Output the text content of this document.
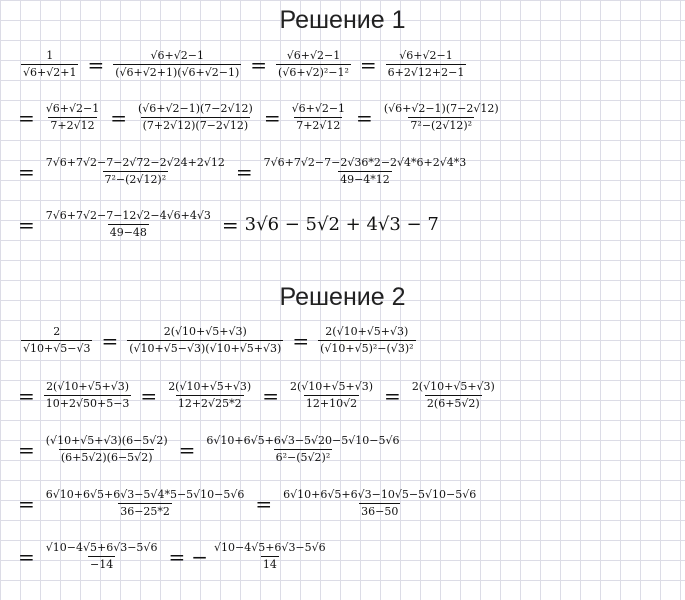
Решение 1
$\frac{1}{√6+√2+1} = \frac{√6+√2-1}{(√6+√2+1)(√6+√2-1)} = \frac{√6+√2-1}{\text{(√6+√2)²−1²}} = \frac{√6+√2-1}{6+2√12+2-1}$
= $\frac{√6+√2-1}{7+2√12} = \frac{(√6+√2-1)(7-2√12)}{(7+2√12)(7-2√12)} = \frac{√6+√2-1}{7+2√12} = \frac{(√6+√2-1)(7-2√12)}{\text{7²−(2√12)²}}$
= $\frac{7√6+7√2-7-2√72-2√24+2√12}{\text{7²−(2√12)²}} = \frac{7√6+7√2-7-2√36*2-2√4*6+2√4*3}{49-4*12}$
= $\frac{7√6+7√2-7-12√2-4√6+4√3}{49-48} = 3√6 - 5√2 + 4√3 - 7$
Решение 2
$\frac{2}{√10+√5-√3} = \frac{2(√10+√5+√3)}{(√10+√5-√3)(√10+√5+√3)} = \frac{2(√10+√5+√3)}{\text{(√10+√5)²−(√3)²}}$
= $\frac{2(√10+√5+√3)}{10+2√50+5-3} = \frac{2(√10+√5+√3)}{12+2√25*2} = \frac{2(√10+√5+√3)}{12+10√2} = \frac{2(√10+√5+√3)}{2(6+5√2)}$
= $\frac{(√10+√5+√3)(6-5√2)}{(6+5√2)(6-5√2)} = \frac{6√10+6√5+6√3-5√20-5√10-5√6}{\text{6²−(5√2)²}}$
= $\frac{6√10+6√5+6√3-5√4*5-5√10-5√6}{36-25*2} = \frac{6√10+6√5+6√3-10√5-5√10-5√6}{36-50}$
= $\frac{√10-4√5+6√3-5√6}{-14}$ = − $\frac{√10-4√5+6√3-5√6}{14}$
